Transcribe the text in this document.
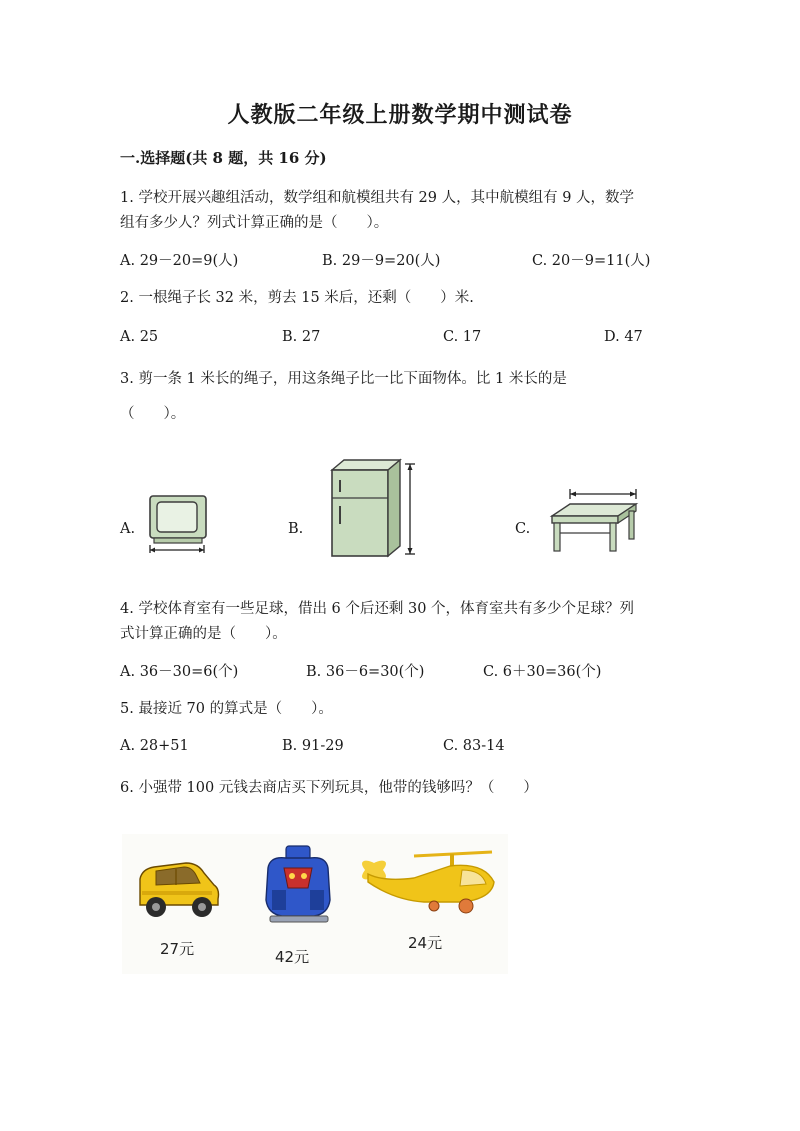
人教版二年级上册数学期中测试卷
一.选择题(共 8 题，共 16 分)
1. 学校开展兴趣组活动，数学组和航模组共有 29 人，其中航模组有 9 人，数学
组有多少人？列式计算正确的是（　　）。
A. 29－20=9(人)	B. 29－9=20(人)	C. 20－9=11(人)
2. 一根绳子长 32 米，剪去 15 米后，还剩（　　）米.
A. 25	B. 27	C. 17	D. 47
3. 剪一条 1 米长的绳子，用这条绳子比一比下面物体。比 1 米长的是
（　　）。
A.	B.	C.
4. 学校体育室有一些足球，借出 6 个后还剩 30 个，体育室共有多少个足球？列
式计算正确的是（　　）。
A. 36－30=6(个)	B. 36－6=30(个)	C. 6＋30=36(个)
5. 最接近 70 的算式是（　　）。
A. 28+51	B. 91-29	C. 83-14
6. 小强带 100 元钱去商店买下列玩具，他带的钱够吗？（　　）
27元	42元
24元
